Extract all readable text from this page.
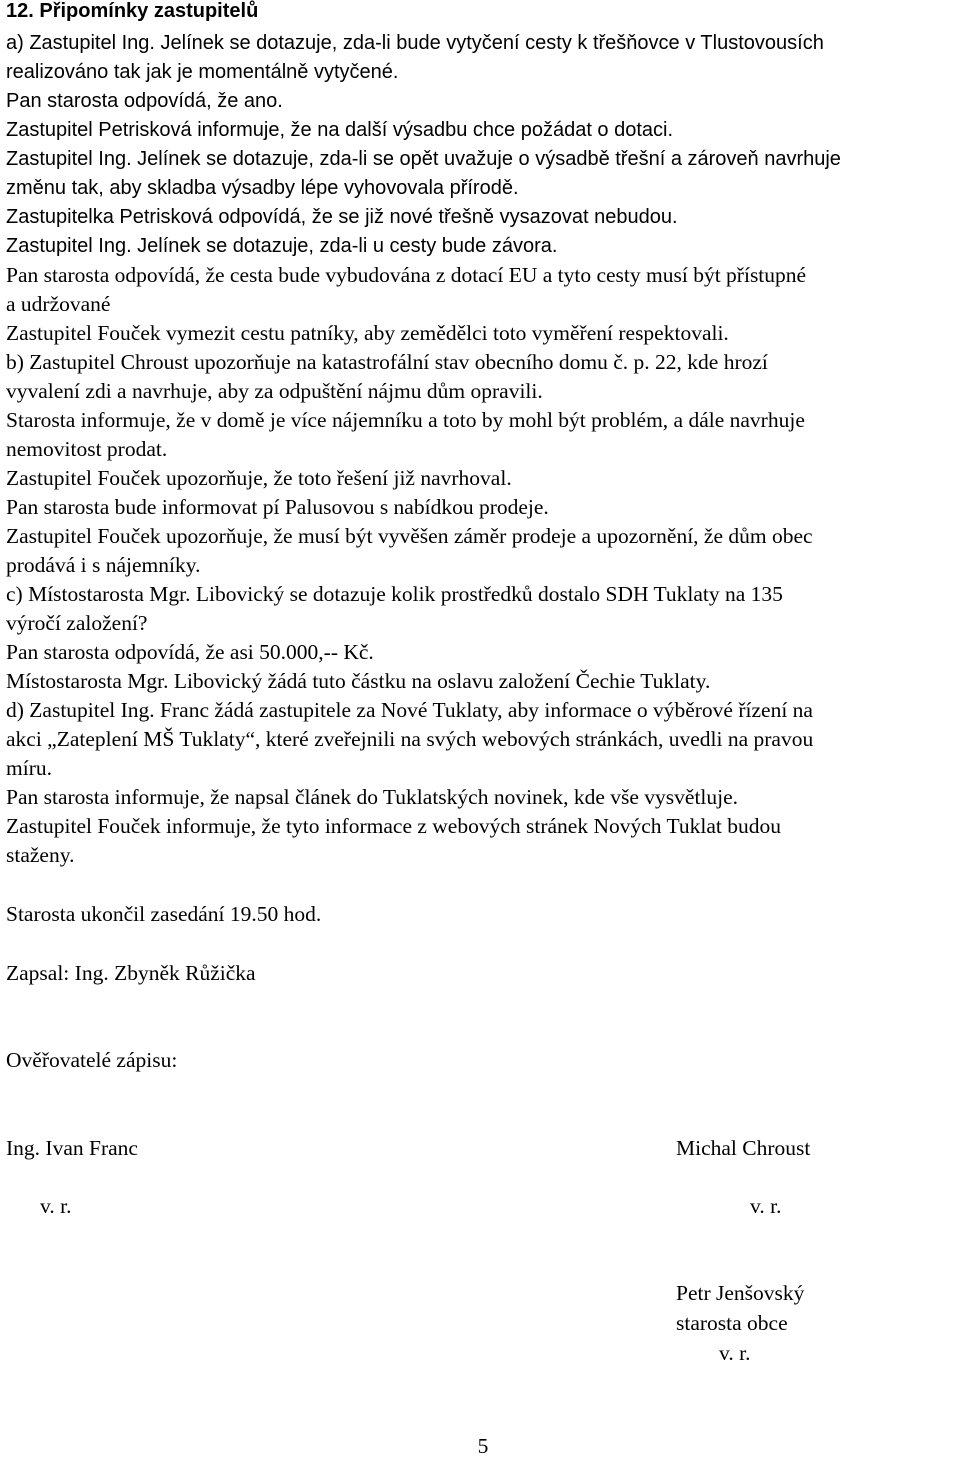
12. Připomínky zastupitelů
a) Zastupitel Ing. Jelínek se dotazuje, zda-li bude vytyčení cesty k třešňovce v Tlustovousích
realizováno tak jak je momentálně vytyčené.
Pan starosta odpovídá, že ano.
Zastupitel Petrisková informuje, že na další výsadbu chce požádat o dotaci.
Zastupitel Ing. Jelínek se dotazuje, zda-li se opět uvažuje o výsadbě třešní a zároveň navrhuje
změnu tak, aby skladba výsadby lépe vyhovovala přírodě.
Zastupitelka Petrisková odpovídá, že se již nové třešně vysazovat nebudou.
Zastupitel Ing. Jelínek se dotazuje, zda-li u cesty bude závora.
Pan starosta odpovídá, že cesta bude vybudována z dotací EU a tyto cesty musí být přístupné
a udržované
Zastupitel Fouček vymezit cestu patníky, aby zemědělci toto vyměření respektovali.
b) Zastupitel Chroust upozorňuje na katastrofální stav obecního domu č. p. 22, kde hrozí
vyvalení zdi a navrhuje, aby za odpuštění nájmu dům opravili.
Starosta informuje, že v domě je více nájemníku a toto by mohl být problém, a dále navrhuje
nemovitost prodat.
Zastupitel Fouček upozorňuje, že toto řešení již navrhoval.
Pan starosta bude informovat pí Palusovou s nabídkou prodeje.
Zastupitel Fouček upozorňuje, že musí být vyvěšen záměr prodeje a upozornění, že dům obec
prodává i s nájemníky.
c) Místostarosta Mgr. Libovický se dotazuje kolik prostředků dostalo SDH Tuklaty na 135
výročí založení?
Pan starosta odpovídá, že asi 50.000,-- Kč.
Místostarosta Mgr. Libovický žádá tuto částku na oslavu založení Čechie Tuklaty.
d) Zastupitel Ing. Franc žádá zastupitele za Nové Tuklaty, aby informace o výběrové řízení na
akci „Zateplení MŠ Tuklaty“, které zveřejnili na svých webových stránkách, uvedli na pravou
míru.
Pan starosta informuje, že napsal článek do Tuklatských novinek, kde vše vysvětluje.
Zastupitel Fouček informuje, že tyto informace z webových stránek Nových Tuklat budou
staženy.
Starosta ukončil zasedání 19.50 hod.
Zapsal: Ing. Zbyněk Růžička
Ověřovatelé zápisu:
Ing. Ivan Franc
v. r.
Michal Chroust
v. r.
Petr Jenšovský
starosta obce
v. r.
5
